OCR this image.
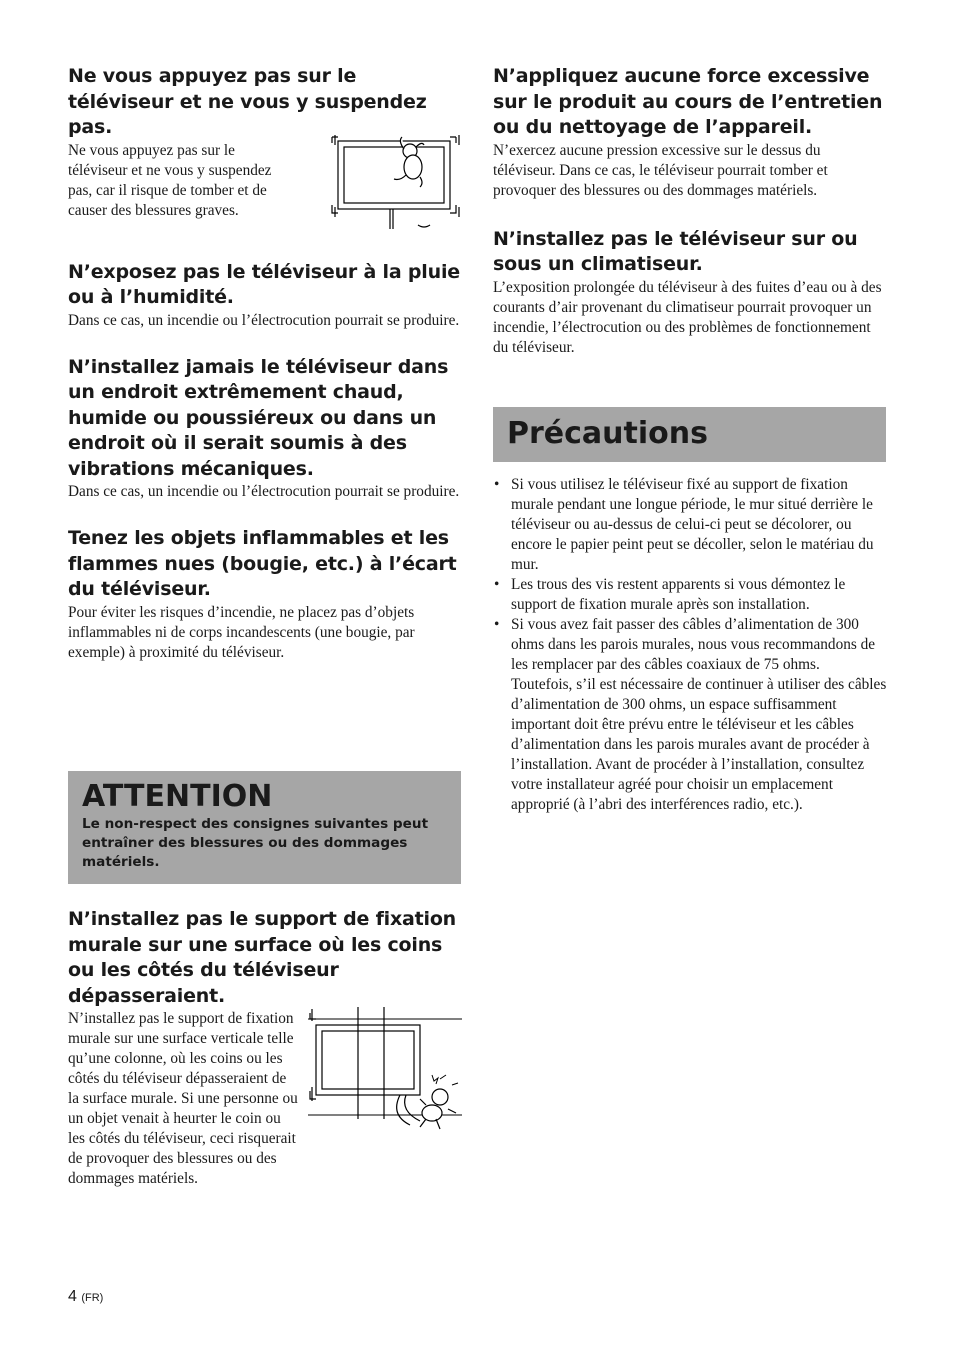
Ne vous appuyez pas sur le téléviseur et ne vous y suspendez pas.

Ne vous appuyez pas sur le téléviseur et ne vous y suspendez pas, car il risque de tomber et de causer des blessures graves.

N’exposez pas le téléviseur à la pluie ou à l’humidité.

Dans ce cas, un incendie ou l’électrocution pourrait se produire.

N’installez jamais le téléviseur dans un endroit extrêmement chaud, humide ou poussiéreux ou dans un endroit où il serait soumis à des vibrations mécaniques.

Dans ce cas, un incendie ou l’électrocution pourrait se produire.

Tenez les objets inflammables et les flammes nues (bougie, etc.) à l’écart du téléviseur.

Pour éviter les risques d’incendie, ne placez pas d’objets inflammables ni de corps incandescents (une bougie, par exemple) à proximité du téléviseur.

ATTENTION

Le non-respect des consignes suivantes peut entraîner des blessures ou des dommages matériels.

N’installez pas le support de fixation murale sur une surface où les coins ou les côtés du téléviseur dépasseraient.

N’installez pas le support de fixation murale sur une surface verticale telle qu’une colonne, où les coins ou les côtés du téléviseur dépasseraient de la surface murale. Si une personne ou un objet venait à heurter le coin ou les côtés du téléviseur, ceci risquerait de provoquer des blessures ou des dommages matériels.

N’appliquez aucune force excessive sur le produit au cours de l’entretien ou du nettoyage de l’appareil.

N’exercez aucune pression excessive sur le dessus du téléviseur. Dans ce cas, le téléviseur pourrait tomber et provoquer des blessures ou des dommages matériels.

N’installez pas le téléviseur sur ou sous un climatiseur.

L’exposition prolongée du téléviseur à des fuites d’eau ou à des courants d’air provenant du climatiseur pourrait provoquer un incendie, l’électrocution ou des problèmes de fonctionnement du téléviseur.

Précautions
• Si vous utilisez le téléviseur fixé au support de fixation murale pendant une longue période, le mur situé derrière le téléviseur ou au-dessus de celui-ci peut se décolorer, ou encore le papier peint peut se décoller, selon le matériau du mur.
• Les trous des vis restent apparents si vous démontez le support de fixation murale après son installation.
• Si vous avez fait passer des câbles d’alimentation de 300 ohms dans les parois murales, nous vous recommandons de les remplacer par des câbles coaxiaux de 75 ohms.

Toutefois, s’il est nécessaire de continuer à utiliser des câbles d’alimentation de 300 ohms, un espace suffisamment important doit être prévu entre le téléviseur et les câbles d’alimentation dans les parois murales avant de procéder à l’installation. Avant de procéder à l’installation, consultez votre installateur agréé pour choisir un emplacement approprié (à l’abri des interférences radio, etc.).

4 (FR)
